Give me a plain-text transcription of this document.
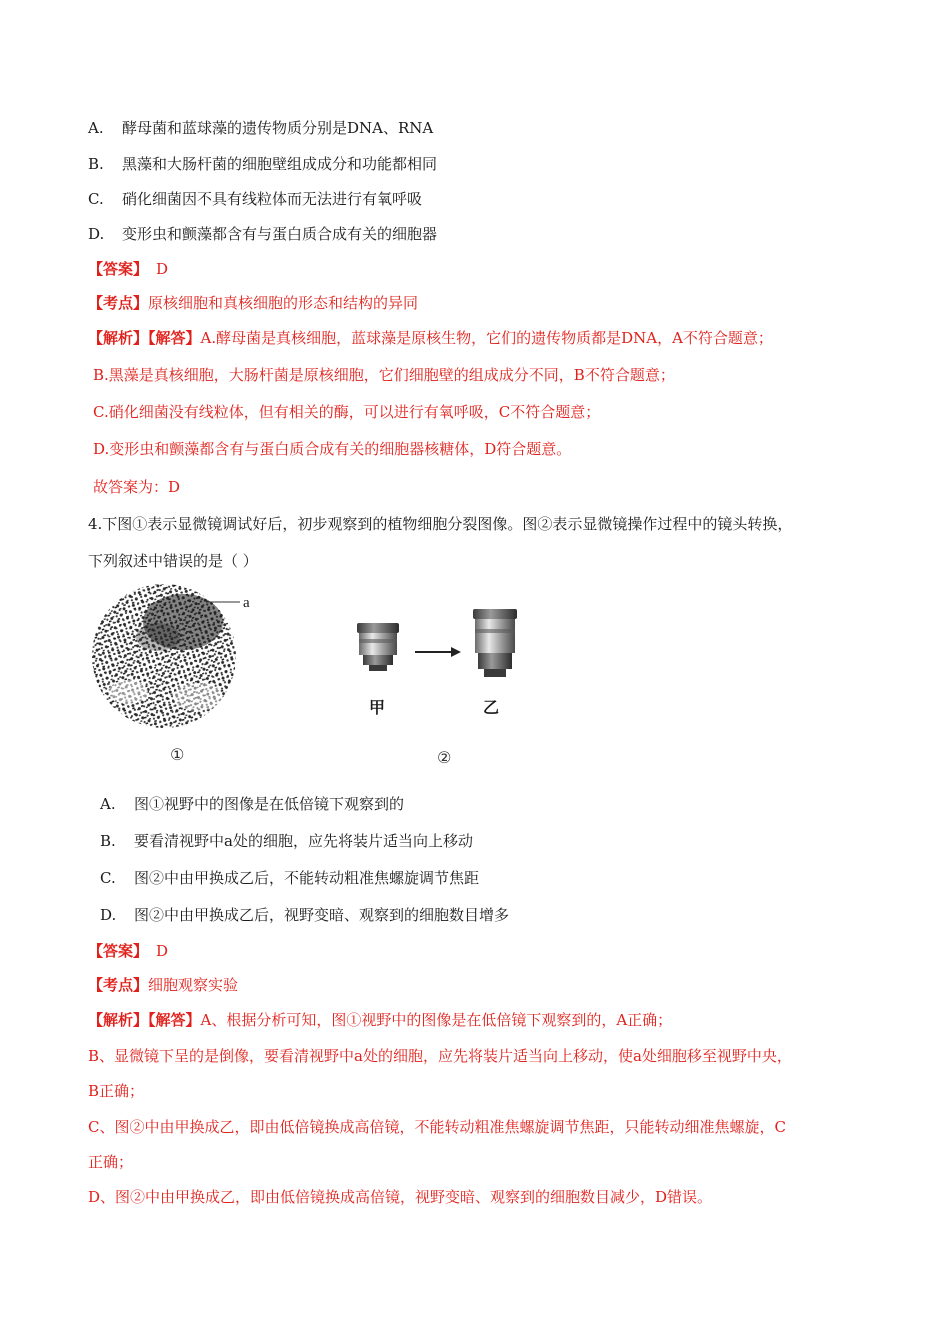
A. 酵母菌和蓝球藻的遗传物质分别是DNA、RNA
B. 黑藻和大肠杆菌的细胞壁组成成分和功能都相同
C. 硝化细菌因不具有线粒体而无法进行有氧呼吸
D. 变形虫和颤藻都含有与蛋白质合成有关的细胞器
【答案】 D
【考点】原核细胞和真核细胞的形态和结构的异同
【解析】【解答】A.酵母菌是真核细胞，蓝球藻是原核生物，它们的遗传物质都是DNA，A不符合题意；
B.黑藻是真核细胞，大肠杆菌是原核细胞，它们细胞壁的组成成分不同，B不符合题意；
C.硝化细菌没有线粒体，但有相关的酶，可以进行有氧呼吸，C不符合题意；
D.变形虫和颤藻都含有与蛋白质合成有关的细胞器核糖体，D符合题意。
故答案为：D
4.下图①表示显微镜调试好后，初步观察到的植物细胞分裂图像。图②表示显微镜操作过程中的镜头转换，
下列叙述中错误的是（ ）
a
①
甲	乙
②
A. 图①视野中的图像是在低倍镜下观察到的
B. 要看清视野中a处的细胞，应先将装片适当向上移动
C. 图②中由甲换成乙后，不能转动粗准焦螺旋调节焦距
D. 图②中由甲换成乙后，视野变暗、观察到的细胞数目增多
【答案】 D
【考点】细胞观察实验
【解析】【解答】A、根据分析可知，图①视野中的图像是在低倍镜下观察到的，A正确；
B、显微镜下呈的是倒像，要看清视野中a处的细胞，应先将装片适当向上移动，使a处细胞移至视野中央，
B正确；
C、图②中由甲换成乙，即由低倍镜换成高倍镜，不能转动粗准焦螺旋调节焦距，只能转动细准焦螺旋，C
正确；
D、图②中由甲换成乙，即由低倍镜换成高倍镜，视野变暗、观察到的细胞数目减少，D错误。
